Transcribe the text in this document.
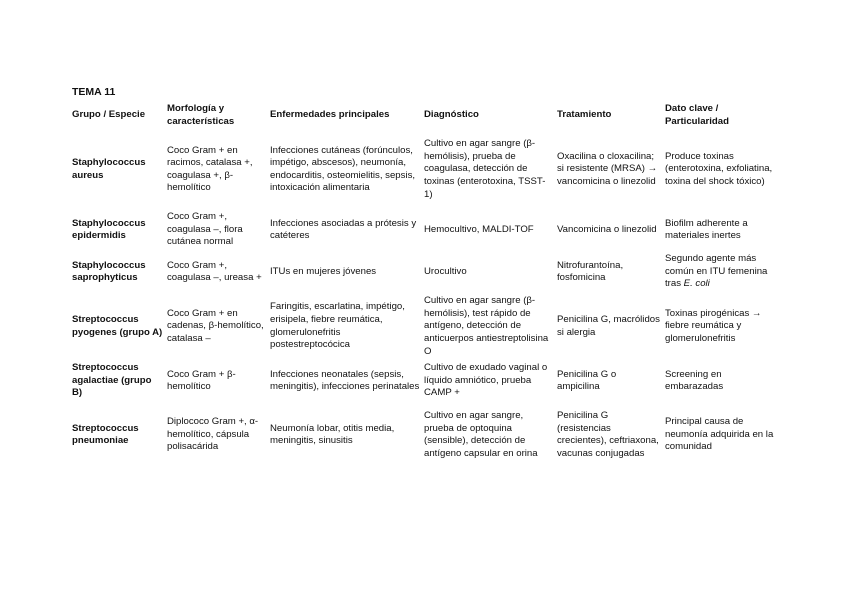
TEMA 11
Grupo / Especie	Morfología y características	Enfermedades principales	Diagnóstico	Tratamiento	Dato clave / Particularidad
Staphylococcus aureus	Coco Gram + en racimos, catalasa +, coagulasa +, β-hemolítico	Infecciones cutáneas (forúnculos, impétigo, abscesos), neumonía, endocarditis, osteomielitis, sepsis, intoxicación alimentaria	Cultivo en agar sangre (β-hemólisis), prueba de coagulasa, detección de toxinas (enterotoxina, TSST-1)	Oxacilina o cloxacilina; si resistente (MRSA) → vancomicina o linezolid	Produce toxinas (enterotoxina, exfoliatina, toxina del shock tóxico)
Staphylococcus epidermidis	Coco Gram +, coagulasa –, flora cutánea normal	Infecciones asociadas a prótesis y catéteres	Hemocultivo, MALDI-TOF	Vancomicina o linezolid	Biofilm adherente a materiales inertes
Staphylococcus saprophyticus	Coco Gram +, coagulasa –, ureasa +	ITUs en mujeres jóvenes	Urocultivo	Nitrofurantoína, fosfomicina	Segundo agente más común en ITU femenina tras E. coli
Streptococcus pyogenes (grupo A)	Coco Gram + en cadenas, β-hemolítico, catalasa –	Faringitis, escarlatina, impétigo, erisipela, fiebre reumática, glomerulonefritis postestreptocócica	Cultivo en agar sangre (β-hemólisis), test rápido de antígeno, detección de anticuerpos antiestreptolisina O	Penicilina G, macrólidos si alergia	Toxinas pirogénicas → fiebre reumática y glomerulonefritis
Streptococcus agalactiae (grupo B)	Coco Gram + β-hemolítico	Infecciones neonatales (sepsis, meningitis), infecciones perinatales	Cultivo de exudado vaginal o líquido amniótico, prueba CAMP +	Penicilina G o ampicilina	Screening en embarazadas
Streptococcus pneumoniae	Diplococo Gram +, α-hemolítico, cápsula polisacárida	Neumonía lobar, otitis media, meningitis, sinusitis	Cultivo en agar sangre, prueba de optoquina (sensible), detección de antígeno capsular en orina	Penicilina G (resistencias crecientes), ceftriaxona, vacunas conjugadas	Principal causa de neumonía adquirida en la comunidad
